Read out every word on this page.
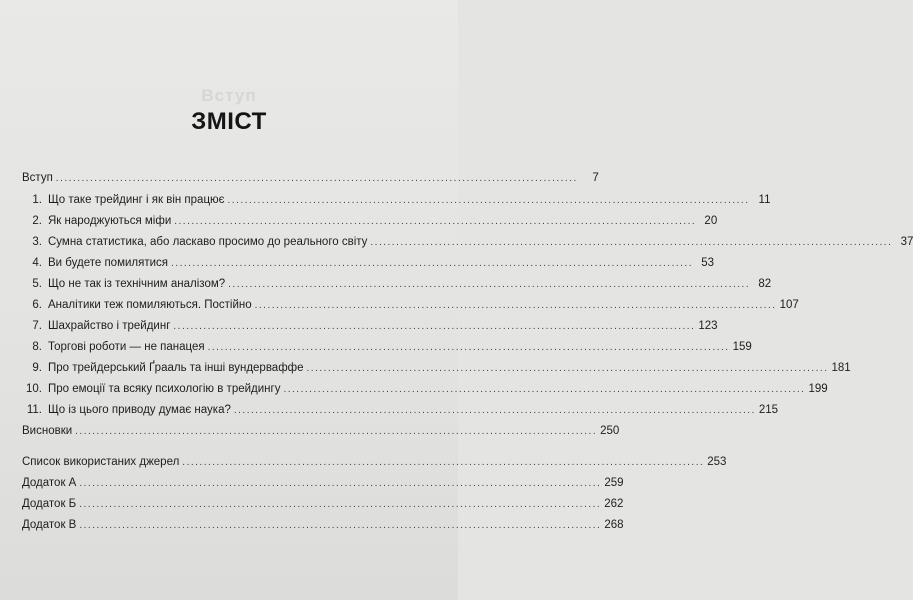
Вступ
ЗМІСТ
Вступ ..........................................................................................................................	7
1. Що таке трейдинг і як він працює .......................................................................................................................... 11
2. Як народжуються міфи .......................................................................................................................... 20
3. Сумна статистика, або ласкаво просимо до реального світу .......................................................................................................................... 37
4. Ви будете помилятися .......................................................................................................................... 53
5. Що не так із технічним аналізом? .......................................................................................................................... 82
6. Аналітики теж помиляються. Постійно .......................................................................................................................... 107
7. Шахрайство і трейдинг .......................................................................................................................... 123
8. Торгові роботи — не панацея .......................................................................................................................... 159
9. Про трейдерський Ґрааль та інші вундерваффе .......................................................................................................................... 181
10. Про емоції та всяку психологію в трейдингу .......................................................................................................................... 199
11. Що із цього приводу думає наука? .......................................................................................................................... 215
Висновки .......................................................................................................................... 250
Список використаних джерел .......................................................................................................................... 253
Додаток А .......................................................................................................................... 259
Додаток Б .......................................................................................................................... 262
Додаток В .......................................................................................................................... 268
